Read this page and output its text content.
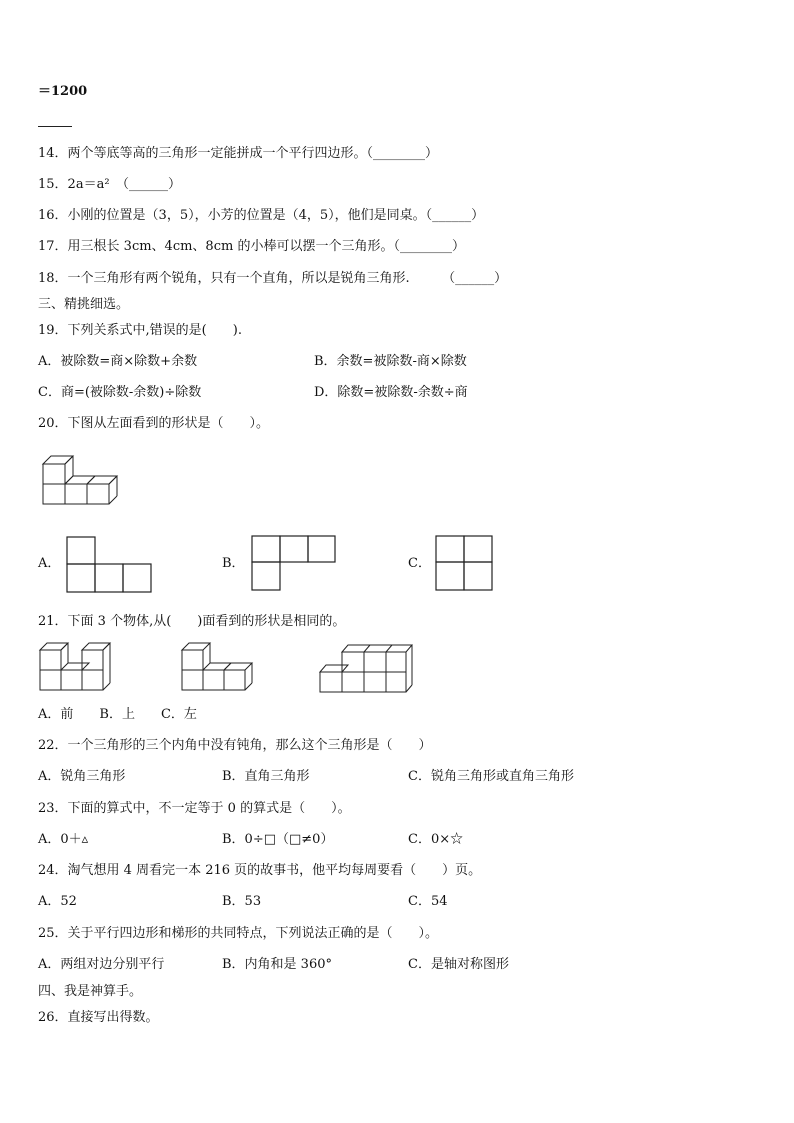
＝1200
14．两个等底等高的三角形一定能拼成一个平行四边形。（________）
15．2a＝a²　（______）
16．小刚的位置是（3，5），小芳的位置是（4，5），他们是同桌。（______）
17．用三根长 3cm、4cm、8cm 的小棒可以摆一个三角形。（________）
18．一个三角形有两个锐角，只有一个直角，所以是锐角三角形.　　　（______）
三、精挑细选。
19．下列关系式中,错误的是(　　).
A．被除数=商×除数+余数	B．余数=被除数-商×除数
C．商=(被除数-余数)÷除数	D．除数=被除数-余数÷商
20．下图从左面看到的形状是（　　）。
A．	B．	C．
21．下面 3 个物体,从(　　)面看到的形状是相同的。
A．前　　B．上　　C．左
22．一个三角形的三个内角中没有钝角，那么这个三角形是（　　）
A．锐角三角形	B．直角三角形	C．锐角三角形或直角三角形
23．下面的算式中，不一定等于 0 的算式是（　　）。
A．0＋▵	B．0÷□（□≠0）	C．0×☆
24．淘气想用 4 周看完一本 216 页的故事书，他平均每周要看（　　）页。
A．52	B．53	C．54
25．关于平行四边形和梯形的共同特点，下列说法正确的是（　　）。
A．两组对边分别平行	B．内角和是 360°	C．是轴对称图形
四、我是神算手。
26．直接写出得数。
